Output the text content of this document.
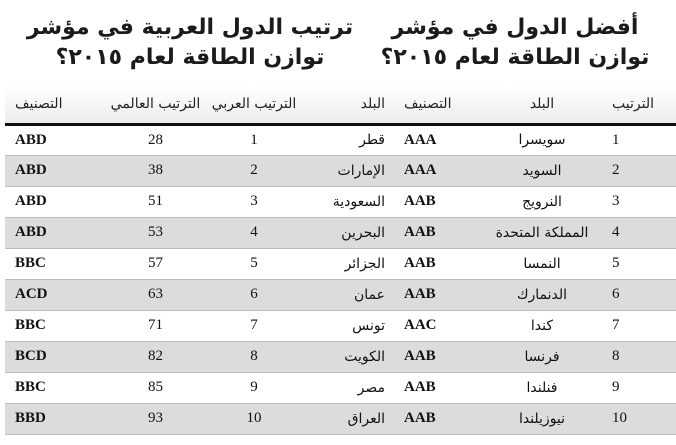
ترتيب الدول العربية في مؤشر
توازن الطاقة لعام ٢٠١٥؟
التصنيف	الترتيب العالمي	الترتيب العربي	البلد
ABD	28	1	قطر
ABD	38	2	الإمارات
ABD	51	3	السعودية
ABD	53	4	البحرين
BBC	57	5	الجزائر
ACD	63	6	عمان
BBC	71	7	تونس
BCD	82	8	الكويت
BBC	85	9	مصر
BBD	93	10	العراق
أفضل الدول في مؤشر
توازن الطاقة لعام ٢٠١٥؟
التصنيف	البلد	الترتيب
AAA	سويسرا	1
AAA	السويد	2
AAB	النرويج	3
AAB	المملكة المتحدة	4
AAB	النمسا	5
AAB	الدنمارك	6
AAC	كندا	7
AAB	فرنسا	8
AAB	فنلندا	9
AAB	نيوزيلندا	10
